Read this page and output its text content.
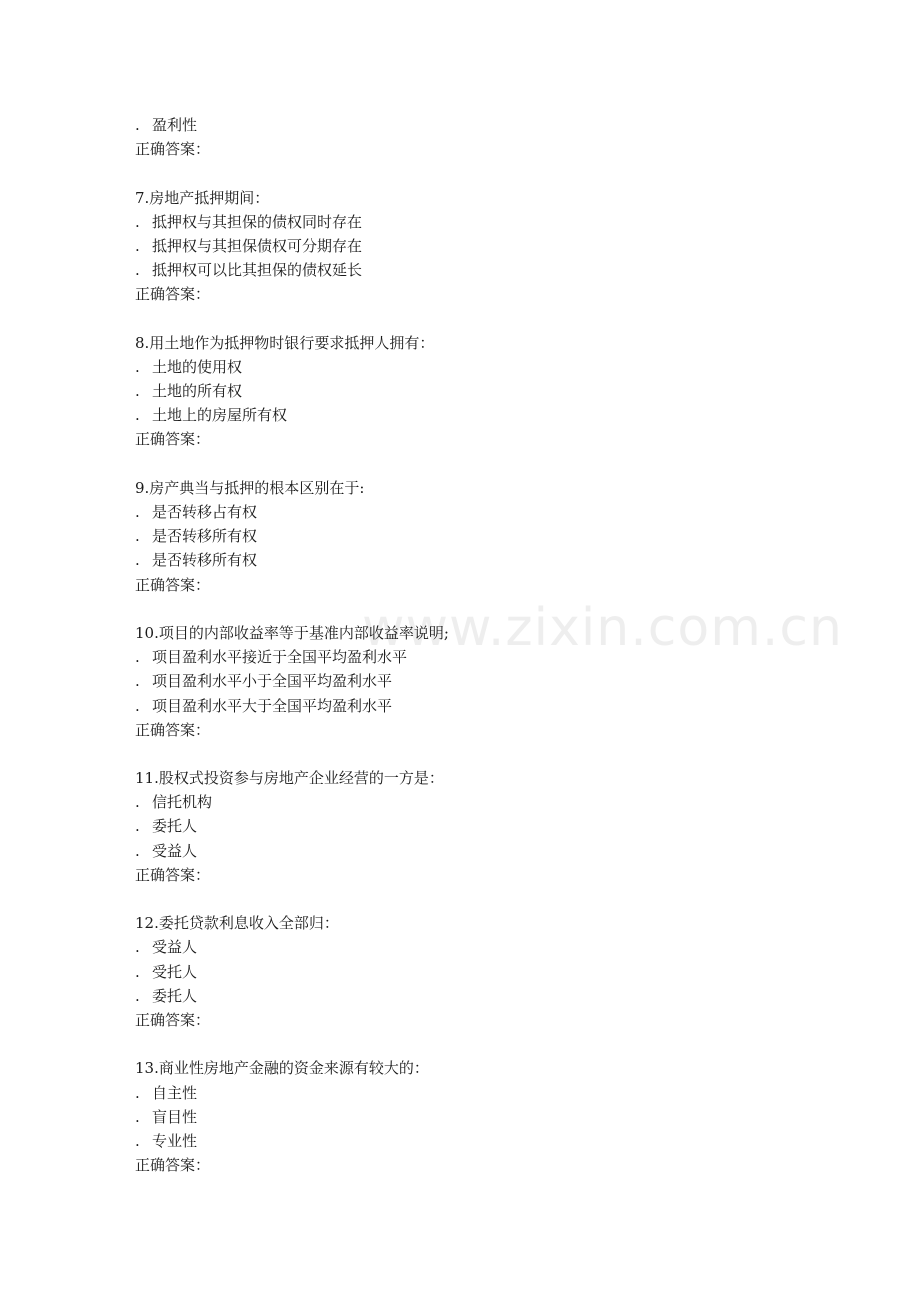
www.zixin.com.cn
. 盈利性
正确答案：
7.房地产抵押期间：
. 抵押权与其担保的债权同时存在
. 抵押权与其担保债权可分期存在
. 抵押权可以比其担保的债权延长
正确答案：
8.用土地作为抵押物时银行要求抵押人拥有：
. 土地的使用权
. 土地的所有权
. 土地上的房屋所有权
正确答案：
9.房产典当与抵押的根本区别在于:
. 是否转移占有权
. 是否转移所有权
. 是否转移所有权
正确答案：
10.项目的内部收益率等于基准内部收益率说明;
. 项目盈利水平接近于全国平均盈利水平
. 项目盈利水平小于全国平均盈利水平
. 项目盈利水平大于全国平均盈利水平
正确答案：
11.股权式投资参与房地产企业经营的一方是：
. 信托机构
. 委托人
. 受益人
正确答案：
12.委托贷款利息收入全部归：
. 受益人
. 受托人
. 委托人
正确答案：
13.商业性房地产金融的资金来源有较大的：
. 自主性
. 盲目性
. 专业性
正确答案：
